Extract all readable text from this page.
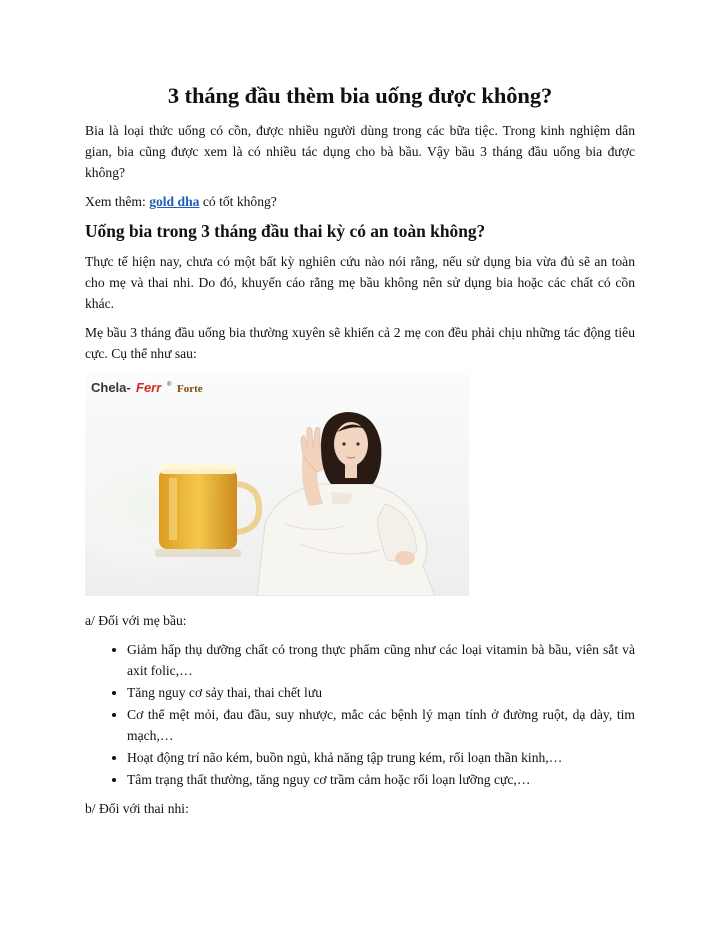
3 tháng đầu thèm bia uống được không?

Bia là loại thức uống có cồn, được nhiều người dùng trong các bữa tiệc. Trong kinh nghiệm dân gian, bia cũng được xem là có nhiều tác dụng cho bà bầu. Vậy bầu 3 tháng đầu uống bia được không?

Xem thêm: gold dha có tốt không?

Uống bia trong 3 tháng đầu thai kỳ có an toàn không?

Thực tế hiện nay, chưa có một bất kỳ nghiên cứu nào nói rằng, nếu sử dụng bia vừa đủ sẽ an toàn cho mẹ và thai nhi. Do đó, khuyến cáo rằng mẹ bầu không nên sử dụng bia hoặc các chất có cồn khác.

Mẹ bầu 3 tháng đầu uống bia thường xuyên sẽ khiến cả 2 mẹ con đều phải chịu những tác động tiêu cực. Cụ thể như sau:

Chela- Ferr ® Forte

a/ Đối với mẹ bầu:

• Giảm hấp thụ dưỡng chất có trong thực phẩm cũng như các loại vitamin bà bầu, viên sắt và axit folic,…
• Tăng nguy cơ sảy thai, thai chết lưu
• Cơ thể mệt mỏi, đau đầu, suy nhược, mắc các bệnh lý mạn tính ở đường ruột, dạ dày, tim mạch,…
• Hoạt động trí não kém, buồn ngủ, khả năng tập trung kém, rối loạn thần kinh,…
• Tâm trạng thất thường, tăng nguy cơ trầm cảm hoặc rối loạn lưỡng cực,…

b/ Đối với thai nhi:
